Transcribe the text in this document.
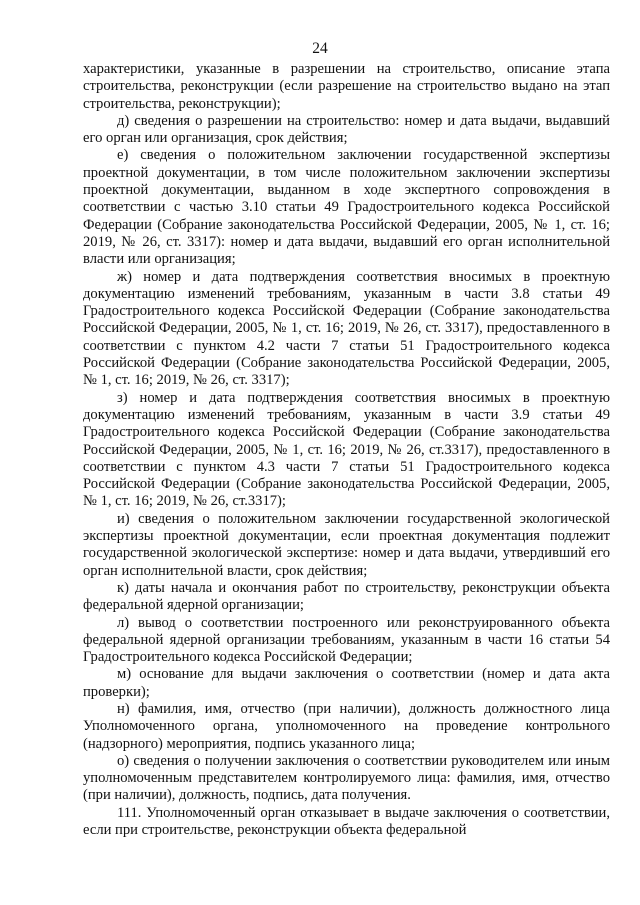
24

характеристики, указанные в разрешении на строительство, описание этапа строительства, реконструкции (если разрешение на строительство выдано на этап строительства, реконструкции);

д) сведения о разрешении на строительство: номер и дата выдачи, выдавший его орган или организация, срок действия;

е) сведения о положительном заключении государственной экспертизы проектной документации, в том числе положительном заключении экспертизы проектной документации, выданном в ходе экспертного сопровождения в соответствии с частью 3.10 статьи 49 Градостроительного кодекса Российской Федерации (Собрание законодательства Российской Федерации, 2005, № 1, ст. 16; 2019, № 26, ст. 3317): номер и дата выдачи, выдавший его орган исполнительной власти или организация;

ж) номер и дата подтверждения соответствия вносимых в проектную документацию изменений требованиям, указанным в части 3.8 статьи 49 Градостроительного кодекса Российской Федерации (Собрание законодательства Российской Федерации, 2005, № 1, ст. 16; 2019, № 26, ст. 3317), предоставленного в соответствии с пунктом 4.2 части 7 статьи 51 Градостроительного кодекса Российской Федерации (Собрание законодательства Российской Федерации, 2005, № 1, ст. 16; 2019, № 26, ст. 3317);

з) номер и дата подтверждения соответствия вносимых в проектную документацию изменений требованиям, указанным в части 3.9 статьи 49 Градостроительного кодекса Российской Федерации (Собрание законодательства Российской Федерации, 2005, № 1, ст. 16; 2019, № 26, ст.3317), предоставленного в соответствии с пунктом 4.3 части 7 статьи 51 Градостроительного кодекса Российской Федерации (Собрание законодательства Российской Федерации, 2005, № 1, ст. 16; 2019, № 26, ст.3317);

и) сведения о положительном заключении государственной экологической экспертизы проектной документации, если проектная документация подлежит государственной экологической экспертизе: номер и дата выдачи, утвердивший его орган исполнительной власти, срок действия;

к) даты начала и окончания работ по строительству, реконструкции объекта федеральной ядерной организации;

л) вывод о соответствии построенного или реконструированного объекта федеральной ядерной организации требованиям, указанным в части 16 статьи 54 Градостроительного кодекса Российской Федерации;

м) основание для выдачи заключения о соответствии (номер и дата акта проверки);

н) фамилия, имя, отчество (при наличии), должность должностного лица Уполномоченного органа, уполномоченного на проведение контрольного (надзорного) мероприятия, подпись указанного лица;

о) сведения о получении заключения о соответствии руководителем или иным уполномоченным представителем контролируемого лица: фамилия, имя, отчество (при наличии), должность, подпись, дата получения.

111. Уполномоченный орган отказывает в выдаче заключения о соответствии, если при строительстве, реконструкции объекта федеральной
